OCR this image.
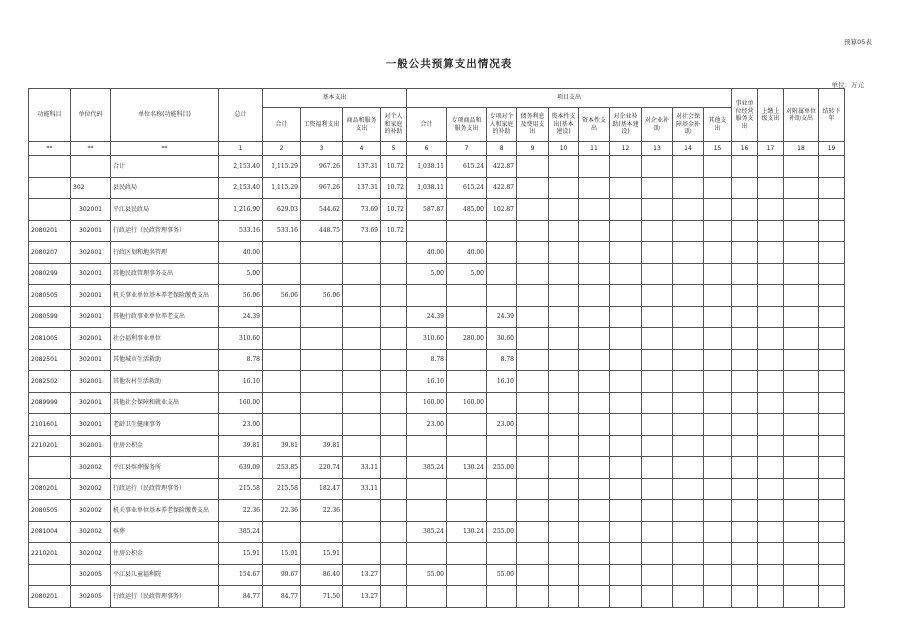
预算05表
一般公共预算支出情况表
单位：万元
功能科目	单位代码	单位名称(功能科目)	总计	基本支出				项目支出										事业单位经营服务支出	上缴上级支出	对附属单位补助支出	结转下年
				合计	工资福利支出	商品和服务支出	对个人和家庭的补助	合计	专项商品和服务支出	专项对个人和家庭的补助	债务利息及费用支出	资本性支出(基本建设)	资本性支出	对企业补助(基本建设)	对企业补助	对社会保障基金补助	其他支出				
**	**	**	1	2	3	4	5	6	7	8	9	10	11	12	13	14	15	16	17	18	19
		合计	2,153.40	1,115.29	967.26	137.31	10.72	1,038.11	615.24	422.87											
	302	县民政局	2,153.40	1,115.29	967.26	137.31	10.72	1,038.11	615.24	422.87											
	302001	平江县民政局	1,216.90	629.03	544.62	73.69	10.72	587.87	485.00	102.87											
2080201	302001	行政运行（民政管理事务）	533.16	533.16	448.75	73.69	10.72														
2080207	302001	行政区划和地名管理	40.00					40.00	40.00												
2080299	302001	其他民政管理事务支出	5.00					5.00	5.00												
2080505	302001	机关事业单位基本养老保险缴费支出	56.06	56.06	56.06																
2080599	302001	其他行政事业单位养老支出	24.39					24.39		24.39											
2081005	302001	社会福利事业单位	310.60					310.60	280.00	30.60											
2082501	302001	其他城市生活救助	8.78					8.78		8.78											
2082502	302001	其他农村生活救助	16.10					16.10		16.10											
2089999	302001	其他社会保障和就业支出	160.00					160.00	160.00												
2101601	302001	老龄卫生健康事务	23.00					23.00		23.00											
2210201	302001	住房公积金	39.81	39.81	39.81																
	302002	平江县殡葬服务所	639.09	253.85	220.74	33.11		385.24	130.24	255.00											
2080201	302002	行政运行（民政管理事务）	215.58	215.58	182.47	33.11															
2080505	302002	机关事业单位基本养老保险缴费支出	22.36	22.36	22.36																
2081004	302002	殡葬	385.24					385.24	130.24	255.00											
2210201	302002	住房公积金	15.91	15.91	15.91																
	302005	平江县儿童福利院	154.67	99.67	86.40	13.27		55.00		55.00											
2080201	302005	行政运行（民政管理事务）	84.77	84.77	71.50	13.27															
